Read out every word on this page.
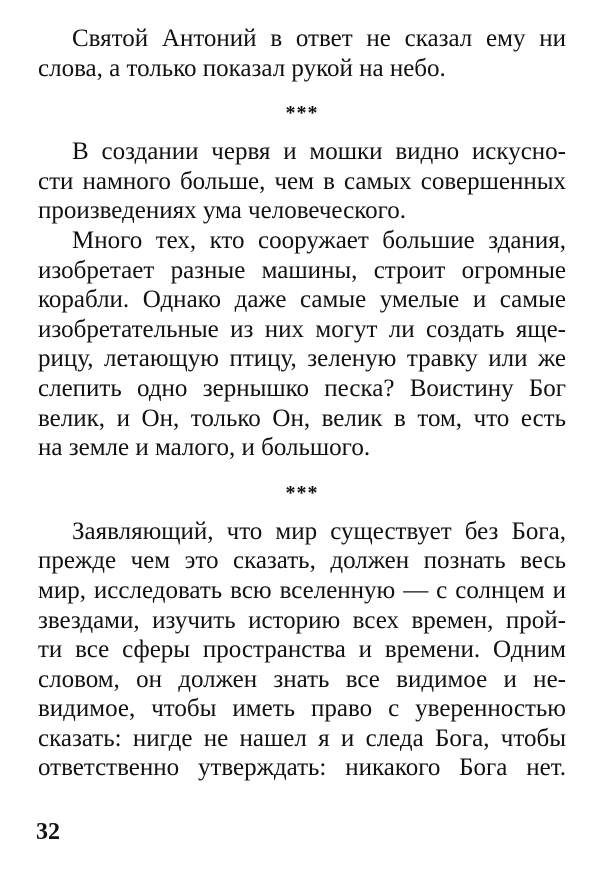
Святой Антоний в ответ не сказал ему ни
слова, а только показал рукой на небо.
***
В создании червя и мошки видно искусно-
сти намного больше, чем в самых совершенных
произведениях ума человеческого.
Много тех, кто сооружает большие здания,
изобретает разные машины, строит огромные
корабли. Однако даже самые умелые и самые
изобретательные из них могут ли создать яще-
рицу, летающую птицу, зеленую травку или же
слепить одно зернышко песка? Воистину Бог
велик, и Он, только Он, велик в том, что есть
на земле и малого, и большого.
***
Заявляющий, что мир существует без Бога,
прежде чем это сказать, должен познать весь
мир, исследовать всю вселенную — с солнцем и
звездами, изучить историю всех времен, прой-
ти все сферы пространства и времени. Одним
словом, он должен знать все видимое и не-
видимое, чтобы иметь право с уверенностью
сказать: нигде не нашел я и следа Бога, чтобы
ответственно утверждать: никакого Бога нет.
32
